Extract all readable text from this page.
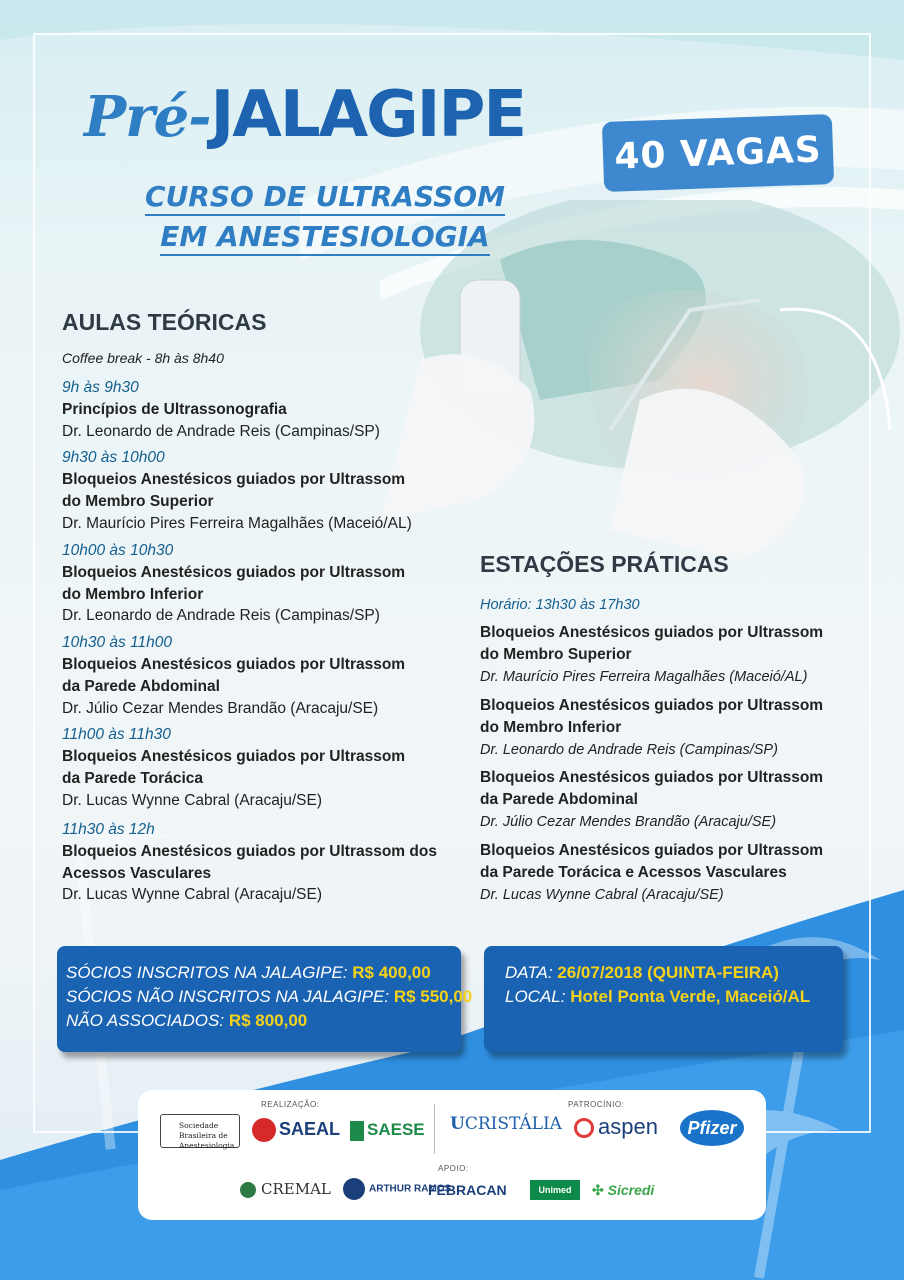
Pré-JALAGIPE
40 VAGAS
CURSO DE ULTRASSOM
EM ANESTESIOLOGIA
AULAS TEÓRICAS
Coffee break - 8h às 8h40
9h às 9h30
Princípios de Ultrassonografia
Dr. Leonardo de Andrade Reis (Campinas/SP)
9h30 às 10h00
Bloqueios Anestésicos guiados por Ultrassom
do Membro Superior
Dr. Maurício Pires Ferreira Magalhães (Maceió/AL)
10h00 às 10h30
Bloqueios Anestésicos guiados por Ultrassom
do Membro Inferior
Dr. Leonardo de Andrade Reis (Campinas/SP)
10h30 às 11h00
Bloqueios Anestésicos guiados por Ultrassom
da Parede Abdominal
Dr. Júlio Cezar Mendes Brandão (Aracaju/SE)
11h00 às 11h30
Bloqueios Anestésicos guiados por Ultrassom
da Parede Torácica
Dr. Lucas Wynne Cabral (Aracaju/SE)
11h30 às 12h
Bloqueios Anestésicos guiados por Ultrassom dos
Acessos Vasculares
Dr. Lucas Wynne Cabral (Aracaju/SE)
ESTAÇÕES PRÁTICAS
Horário: 13h30 às 17h30
Bloqueios Anestésicos guiados por Ultrassom
do Membro Superior
Dr. Maurício Pires Ferreira Magalhães (Maceió/AL)
Bloqueios Anestésicos guiados por Ultrassom
do Membro Inferior
Dr. Leonardo de Andrade Reis (Campinas/SP)
Bloqueios Anestésicos guiados por Ultrassom
da Parede Abdominal
Dr. Júlio Cezar Mendes Brandão (Aracaju/SE)
Bloqueios Anestésicos guiados por Ultrassom
da Parede Torácica e Acessos Vasculares
Dr. Lucas Wynne Cabral (Aracaju/SE)
SÓCIOS INSCRITOS NA JALAGIPE: R$ 400,00
SÓCIOS NÃO INSCRITOS NA JALAGIPE: R$ 550,00
NÃO ASSOCIADOS: R$ 800,00
DATA: 26/07/2018 (QUINTA-FEIRA)
LOCAL: Hotel Ponta Verde, Maceió/AL
REALIZAÇÃO:	PATROCÍNIO:
APOIO:
Sociedade Brasileira de Anestesiologia
SAEAL	SAESE UCRISTÁLIA	aspen	Pfizer
CREMAL	ARTHUR RAMOS
FEBRACAN	Unimed	✣ Sicredi
